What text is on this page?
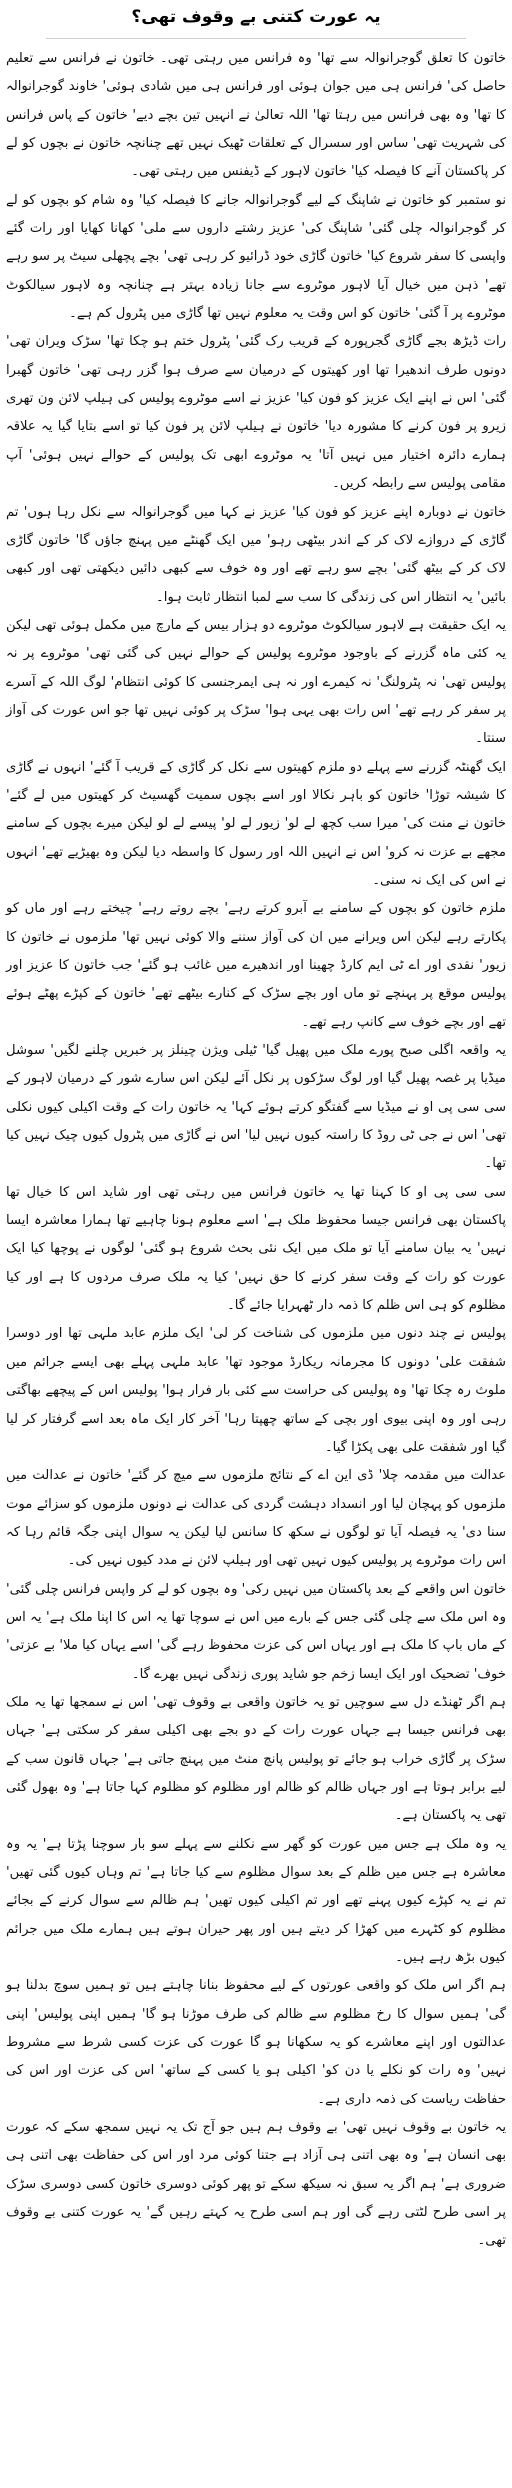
یہ عورت کتنی بے وقوف تھی؟

خاتون کا تعلق گوجرانوالہ سے تھا' وہ فرانس میں رہتی تھی۔ خاتون نے فرانس سے تعلیم حاصل کی' فرانس ہی میں جوان ہوئی اور فرانس ہی میں شادی ہوئی' خاوند گوجرانوالہ کا تھا' وہ بھی فرانس میں رہتا تھا' اللہ تعالیٰ نے انہیں تین بچے دیے' خاتون کے پاس فرانس کی شہریت تھی' ساس اور سسرال کے تعلقات ٹھیک نہیں تھے چنانچہ خاتون نے بچوں کو لے کر پاکستان آنے کا فیصلہ کیا' خاتون لاہور کے ڈیفنس میں رہتی تھی۔

نو ستمبر کو خاتون نے شاپنگ کے لیے گوجرانوالہ جانے کا فیصلہ کیا' وہ شام کو بچوں کو لے کر گوجرانوالہ چلی گئی' شاپنگ کی' عزیز رشتے داروں سے ملی' کھانا کھایا اور رات گئے واپسی کا سفر شروع کیا' خاتون گاڑی خود ڈرائیو کر رہی تھی' بچے پچھلی سیٹ پر سو رہے تھے' ذہن میں خیال آیا لاہور موٹروے سے جانا زیادہ بہتر ہے چنانچہ وہ لاہور سیالکوٹ موٹروے پر آ گئی' خاتون کو اس وقت یہ معلوم نہیں تھا گاڑی میں پٹرول کم ہے۔

رات ڈیڑھ بجے گاڑی گجرپورہ کے قریب رک گئی' پٹرول ختم ہو چکا تھا' سڑک ویران تھی' دونوں طرف اندھیرا تھا اور کھیتوں کے درمیان سے صرف ہوا گزر رہی تھی' خاتون گھبرا گئی' اس نے اپنے ایک عزیز کو فون کیا' عزیز نے اسے موٹروے پولیس کی ہیلپ لائن ون تھری زیرو پر فون کرنے کا مشورہ دیا' خاتون نے ہیلپ لائن پر فون کیا تو اسے بتایا گیا یہ علاقہ ہمارے دائرہ اختیار میں نہیں آتا' یہ موٹروے ابھی تک پولیس کے حوالے نہیں ہوئی' آپ مقامی پولیس سے رابطہ کریں۔

خاتون نے دوبارہ اپنے عزیز کو فون کیا' عزیز نے کہا میں گوجرانوالہ سے نکل رہا ہوں' تم گاڑی کے دروازے لاک کر کے اندر بیٹھی رہو' میں ایک گھنٹے میں پہنچ جاؤں گا' خاتون گاڑی لاک کر کے بیٹھ گئی' بچے سو رہے تھے اور وہ خوف سے کبھی دائیں دیکھتی تھی اور کبھی بائیں' یہ انتظار اس کی زندگی کا سب سے لمبا انتظار ثابت ہوا۔

یہ ایک حقیقت ہے لاہور سیالکوٹ موٹروے دو ہزار بیس کے مارچ میں مکمل ہوئی تھی لیکن یہ کئی ماہ گزرنے کے باوجود موٹروے پولیس کے حوالے نہیں کی گئی تھی' موٹروے پر نہ پولیس تھی' نہ پٹرولنگ' نہ کیمرے اور نہ ہی ایمرجنسی کا کوئی انتظام' لوگ اللہ کے آسرے پر سفر کر رہے تھے' اس رات بھی یہی ہوا' سڑک پر کوئی نہیں تھا جو اس عورت کی آواز سنتا۔

ایک گھنٹہ گزرنے سے پہلے دو ملزم کھیتوں سے نکل کر گاڑی کے قریب آ گئے' انہوں نے گاڑی کا شیشہ توڑا' خاتون کو باہر نکالا اور اسے بچوں سمیت گھسیٹ کر کھیتوں میں لے گئے' خاتون نے منت کی' میرا سب کچھ لے لو' زیور لے لو' پیسے لے لو لیکن میرے بچوں کے سامنے مجھے بے عزت نہ کرو' اس نے انہیں اللہ اور رسول کا واسطہ دیا لیکن وہ بھیڑیے تھے' انہوں نے اس کی ایک نہ سنی۔

ملزم خاتون کو بچوں کے سامنے بے آبرو کرتے رہے' بچے روتے رہے' چیختے رہے اور ماں کو پکارتے رہے لیکن اس ویرانے میں ان کی آواز سننے والا کوئی نہیں تھا' ملزموں نے خاتون کا زیور' نقدی اور اے ٹی ایم کارڈ چھینا اور اندھیرے میں غائب ہو گئے' جب خاتون کا عزیز اور پولیس موقع پر پہنچے تو ماں اور بچے سڑک کے کنارے بیٹھے تھے' خاتون کے کپڑے پھٹے ہوئے تھے اور بچے خوف سے کانپ رہے تھے۔

یہ واقعہ اگلی صبح پورے ملک میں پھیل گیا' ٹیلی ویژن چینلز پر خبریں چلنے لگیں' سوشل میڈیا پر غصہ پھیل گیا اور لوگ سڑکوں پر نکل آئے لیکن اس سارے شور کے درمیان لاہور کے سی سی پی او نے میڈیا سے گفتگو کرتے ہوئے کہا' یہ خاتون رات کے وقت اکیلی کیوں نکلی تھی' اس نے جی ٹی روڈ کا راستہ کیوں نہیں لیا' اس نے گاڑی میں پٹرول کیوں چیک نہیں کیا تھا۔

سی سی پی او کا کہنا تھا یہ خاتون فرانس میں رہتی تھی اور شاید اس کا خیال تھا پاکستان بھی فرانس جیسا محفوظ ملک ہے' اسے معلوم ہونا چاہیے تھا ہمارا معاشرہ ایسا نہیں' یہ بیان سامنے آیا تو ملک میں ایک نئی بحث شروع ہو گئی' لوگوں نے پوچھا کیا ایک عورت کو رات کے وقت سفر کرنے کا حق نہیں' کیا یہ ملک صرف مردوں کا ہے اور کیا مظلوم کو ہی اس ظلم کا ذمہ دار ٹھہرایا جائے گا۔

پولیس نے چند دنوں میں ملزموں کی شناخت کر لی' ایک ملزم عابد ملہی تھا اور دوسرا شفقت علی' دونوں کا مجرمانہ ریکارڈ موجود تھا' عابد ملہی پہلے بھی ایسے جرائم میں ملوث رہ چکا تھا' وہ پولیس کی حراست سے کئی بار فرار ہوا' پولیس اس کے پیچھے بھاگتی رہی اور وہ اپنی بیوی اور بچی کے ساتھ چھپتا رہا' آخر کار ایک ماہ بعد اسے گرفتار کر لیا گیا اور شفقت علی بھی پکڑا گیا۔

عدالت میں مقدمہ چلا' ڈی این اے کے نتائج ملزموں سے میچ کر گئے' خاتون نے عدالت میں ملزموں کو پہچان لیا اور انسداد دہشت گردی کی عدالت نے دونوں ملزموں کو سزائے موت سنا دی' یہ فیصلہ آیا تو لوگوں نے سکھ کا سانس لیا لیکن یہ سوال اپنی جگہ قائم رہا کہ اس رات موٹروے پر پولیس کیوں نہیں تھی اور ہیلپ لائن نے مدد کیوں نہیں کی۔

خاتون اس واقعے کے بعد پاکستان میں نہیں رکی' وہ بچوں کو لے کر واپس فرانس چلی گئی' وہ اس ملک سے چلی گئی جس کے بارے میں اس نے سوچا تھا یہ اس کا اپنا ملک ہے' یہ اس کے ماں باپ کا ملک ہے اور یہاں اس کی عزت محفوظ رہے گی' اسے یہاں کیا ملا' بے عزتی' خوف' تضحیک اور ایک ایسا زخم جو شاید پوری زندگی نہیں بھرے گا۔

ہم اگر ٹھنڈے دل سے سوچیں تو یہ خاتون واقعی بے وقوف تھی' اس نے سمجھا تھا یہ ملک بھی فرانس جیسا ہے جہاں عورت رات کے دو بجے بھی اکیلی سفر کر سکتی ہے' جہاں سڑک پر گاڑی خراب ہو جائے تو پولیس پانچ منٹ میں پہنچ جاتی ہے' جہاں قانون سب کے لیے برابر ہوتا ہے اور جہاں ظالم کو ظالم اور مظلوم کو مظلوم کہا جاتا ہے' وہ بھول گئی تھی یہ پاکستان ہے۔

یہ وہ ملک ہے جس میں عورت کو گھر سے نکلنے سے پہلے سو بار سوچنا پڑتا ہے' یہ وہ معاشرہ ہے جس میں ظلم کے بعد سوال مظلوم سے کیا جاتا ہے' تم وہاں کیوں گئی تھیں' تم نے یہ کپڑے کیوں پہنے تھے اور تم اکیلی کیوں تھیں' ہم ظالم سے سوال کرنے کے بجائے مظلوم کو کٹہرے میں کھڑا کر دیتے ہیں اور پھر حیران ہوتے ہیں ہمارے ملک میں جرائم کیوں بڑھ رہے ہیں۔

ہم اگر اس ملک کو واقعی عورتوں کے لیے محفوظ بنانا چاہتے ہیں تو ہمیں سوچ بدلنا ہو گی' ہمیں سوال کا رخ مظلوم سے ظالم کی طرف موڑنا ہو گا' ہمیں اپنی پولیس' اپنی عدالتوں اور اپنے معاشرے کو یہ سکھانا ہو گا عورت کی عزت کسی شرط سے مشروط نہیں' وہ رات کو نکلے یا دن کو' اکیلی ہو یا کسی کے ساتھ' اس کی عزت اور اس کی حفاظت ریاست کی ذمہ داری ہے۔

یہ خاتون بے وقوف نہیں تھی' بے وقوف ہم ہیں جو آج تک یہ نہیں سمجھ سکے کہ عورت بھی انسان ہے' وہ بھی اتنی ہی آزاد ہے جتنا کوئی مرد اور اس کی حفاظت بھی اتنی ہی ضروری ہے' ہم اگر یہ سبق نہ سیکھ سکے تو پھر کوئی دوسری خاتون کسی دوسری سڑک پر اسی طرح لٹتی رہے گی اور ہم اسی طرح یہ کہتے رہیں گے' یہ عورت کتنی بے وقوف تھی۔
